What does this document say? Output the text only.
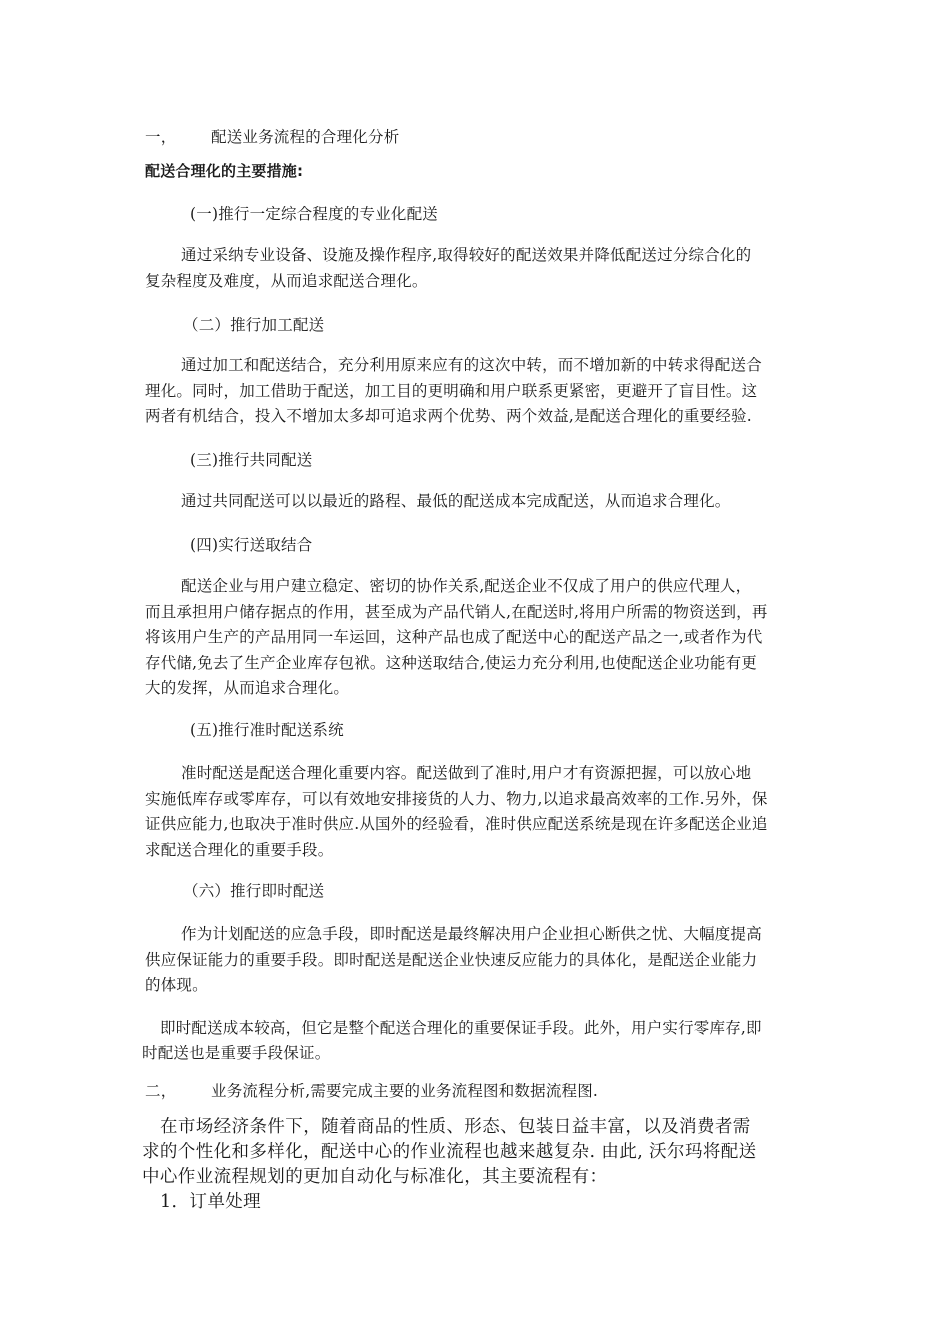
一， 配送业务流程的合理化分析
配送合理化的主要措施:
(一)推行一定综合程度的专业化配送
通过采纳专业设备、设施及操作程序,取得较好的配送效果并降低配送过分综合化的
复杂程度及难度，从而追求配送合理化。
（二）推行加工配送
通过加工和配送结合，充分利用原来应有的这次中转，而不增加新的中转求得配送合
理化。同时，加工借助于配送，加工目的更明确和用户联系更紧密，更避开了盲目性。这
两者有机结合，投入不增加太多却可追求两个优势、两个效益,是配送合理化的重要经验.
(三)推行共同配送
通过共同配送可以以最近的路程、最低的配送成本完成配送，从而追求合理化。
(四)实行送取结合
配送企业与用户建立稳定、密切的协作关系,配送企业不仅成了用户的供应代理人，
而且承担用户储存据点的作用，甚至成为产品代销人,在配送时,将用户所需的物资送到，再
将该用户生产的产品用同一车运回，这种产品也成了配送中心的配送产品之一,或者作为代
存代储,免去了生产企业库存包袱。这种送取结合,使运力充分利用,也使配送企业功能有更
大的发挥，从而追求合理化。
(五)推行准时配送系统
准时配送是配送合理化重要内容。配送做到了准时,用户才有资源把握，可以放心地
实施低库存或零库存，可以有效地安排接货的人力、物力,以追求最高效率的工作.另外，保
证供应能力,也取决于准时供应.从国外的经验看，准时供应配送系统是现在许多配送企业追
求配送合理化的重要手段。
（六）推行即时配送
作为计划配送的应急手段，即时配送是最终解决用户企业担心断供之忧、大幅度提高
供应保证能力的重要手段。即时配送是配送企业快速反应能力的具体化，是配送企业能力
的体现。
即时配送成本较高，但它是整个配送合理化的重要保证手段。此外，用户实行零库存,即
时配送也是重要手段保证。
二， 业务流程分析,需要完成主要的业务流程图和数据流程图.
在市场经济条件下，随着商品的性质、形态、包装日益丰富，以及消费者需
求的个性化和多样化，配送中心的作业流程也越来越复杂. 由此, 沃尔玛将配送
中心作业流程规划的更加自动化与标准化，其主要流程有：
1．订单处理
